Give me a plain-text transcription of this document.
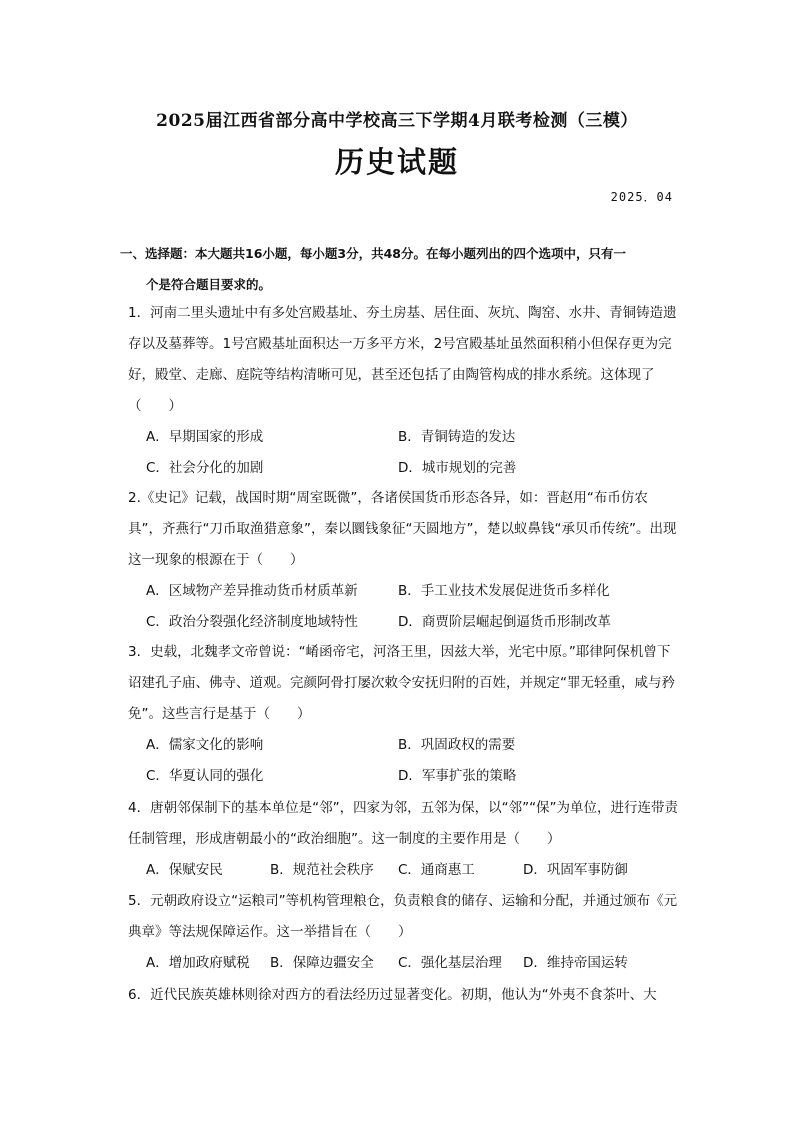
2025届江西省部分高中学校高三下学期4月联考检测（三模）
历史试题
2025．04
一、选择题：本大题共16小题，每小题3分，共48分。在每小题列出的四个选项中，只有一
个是符合题目要求的。

1．河南二里头遗址中有多处宫殿基址、夯土房基、居住面、灰坑、陶窑、水井、青铜铸造遗存以及墓葬等。1号宫殿基址面积达一万多平方米，2号宫殿基址虽然面积稍小但保存更为完好，殿堂、走廊、庭院等结构清晰可见，甚至还包括了由陶管构成的排水系统。这体现了（　　）

A．早期国家的形成	B．青铜铸造的发达
C．社会分化的加剧	D．城市规划的完善

2.《史记》记载，战国时期“周室既微”，各诸侯国货币形态各异，如：晋赵用“布币仿农具”，齐燕行“刀币取渔猎意象”，秦以圜钱象征“天圆地方”，楚以蚁鼻钱“承贝币传统”。出现这一现象的根源在于（　　）

A．区域物产差异推动货币材质革新	B．手工业技术发展促进货币多样化
C．政治分裂强化经济制度地域特性	D．商贾阶层崛起倒逼货币形制改革

3．史载，北魏孝文帝曾说：“崤函帝宅，河洛王里，因兹大举，光宅中原。”耶律阿保机曾下诏建孔子庙、佛寺、道观。完颜阿骨打屡次敕令安抚归附的百姓，并规定“罪无轻重，咸与矜免”。这些言行是基于（　　）

A．儒家文化的影响	B．巩固政权的需要
C．华夏认同的强化	D．军事扩张的策略

4．唐朝邻保制下的基本单位是“邻”，四家为邻，五邻为保，以“邻”“保”为单位，进行连带责任制管理，形成唐朝最小的“政治细胞”。这一制度的主要作用是（　　）

A．保赋安民	B．规范社会秩序 C．通商惠工	D．巩固军事防御

5．元朝政府设立“运粮司”等机构管理粮仓，负责粮食的储存、运输和分配，并通过颁布《元典章》等法规保障运作。这一举措旨在（　　）

A．增加政府赋税 B．保障边疆安全 C．强化基层治理 D．维持帝国运转

6．近代民族英雄林则徐对西方的看法经历过显著变化。初期，他认为“外夷不食茶叶、大
